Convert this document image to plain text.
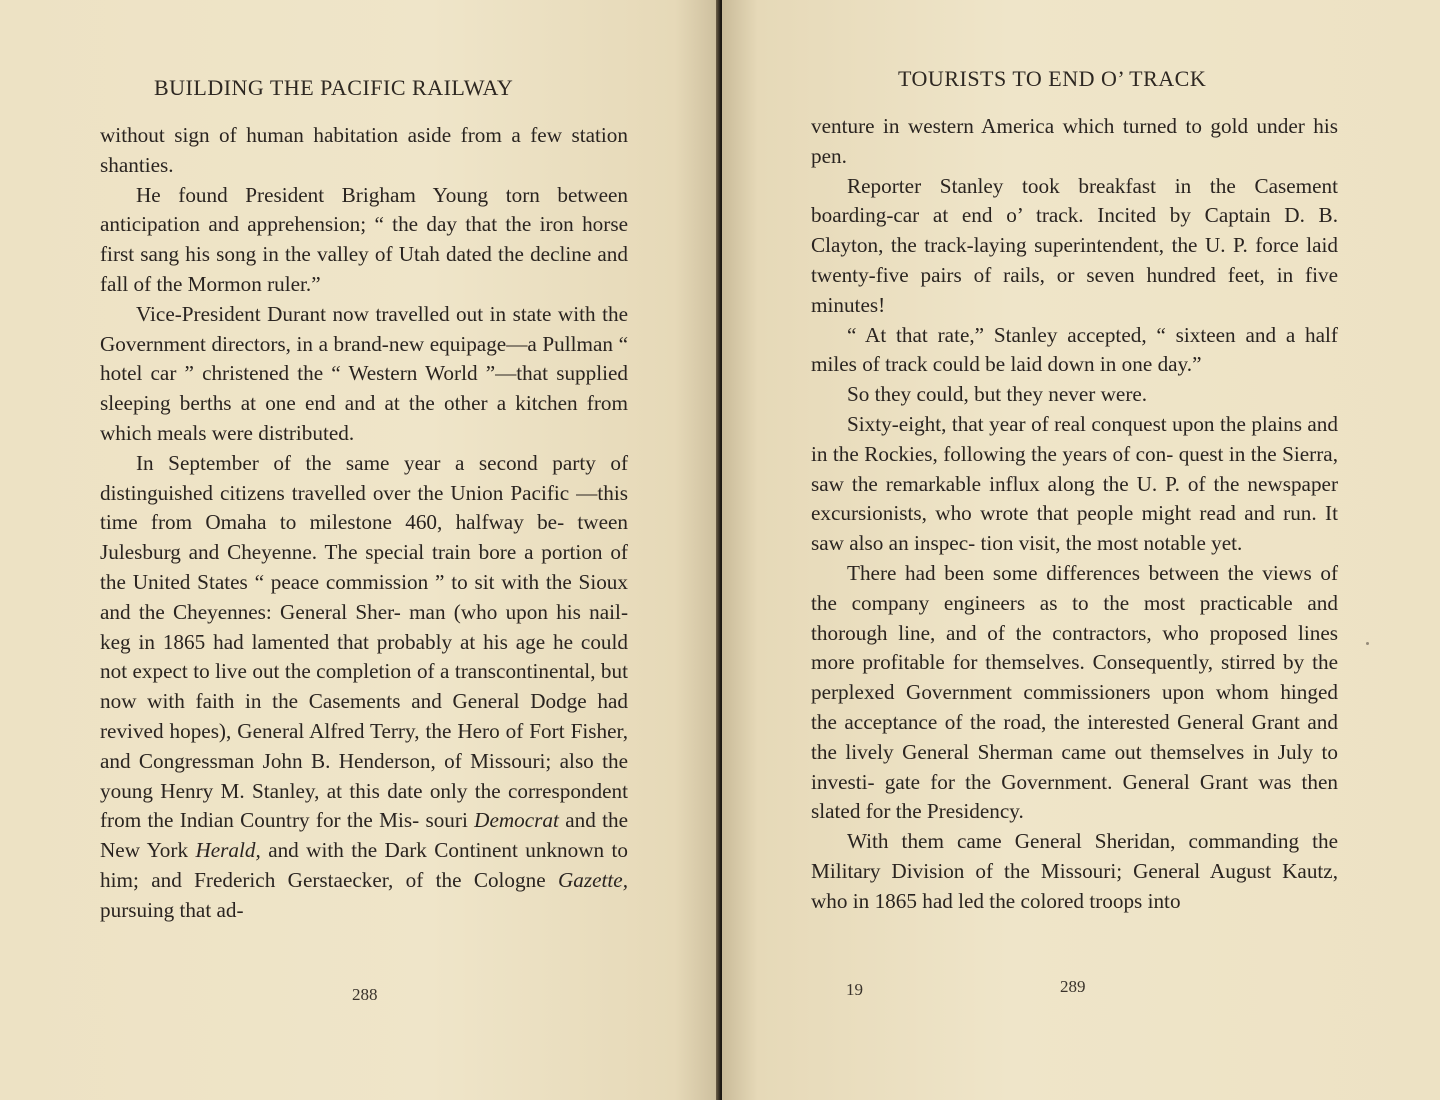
BUILDING THE PACIFIC RAILWAY

without sign of human habitation aside from a few station shanties.

He found President Brigham Young torn between anticipation and apprehension; “ the day that the iron horse first sang his song in the valley of Utah dated the decline and fall of the Mormon ruler.”

Vice-President Durant now travelled out in state with the Government directors, in a brand-new equipage—a Pullman “ hotel car ” christened the “ Western World ”—that supplied sleeping berths at one end and at the other a kitchen from which meals were distributed.

In September of the same year a second party of distinguished citizens travelled over the Union Pacific —this time from Omaha to milestone 460, halfway be- tween Julesburg and Cheyenne. The special train bore a portion of the United States “ peace commission ” to sit with the Sioux and the Cheyennes: General Sher- man (who upon his nail-keg in 1865 had lamented that probably at his age he could not expect to live out the completion of a transcontinental, but now with faith in the Casements and General Dodge had revived hopes), General Alfred Terry, the Hero of Fort Fisher, and Congressman John B. Henderson, of Missouri; also the young Henry M. Stanley, at this date only the correspondent from the Indian Country for the Mis- souri Democrat and the New York Herald, and with the Dark Continent unknown to him; and Frederich Gerstaecker, of the Cologne Gazette, pursuing that ad-

288
TOURISTS TO END O’ TRACK

venture in western America which turned to gold under his pen.

Reporter Stanley took breakfast in the Casement boarding-car at end o’ track. Incited by Captain D. B. Clayton, the track-laying superintendent, the U. P. force laid twenty-five pairs of rails, or seven hundred feet, in five minutes!

“ At that rate,” Stanley accepted, “ sixteen and a half miles of track could be laid down in one day.”

So they could, but they never were.

Sixty-eight, that year of real conquest upon the plains and in the Rockies, following the years of con- quest in the Sierra, saw the remarkable influx along the U. P. of the newspaper excursionists, who wrote that people might read and run. It saw also an inspec- tion visit, the most notable yet.

There had been some differences between the views of the company engineers as to the most practicable and thorough line, and of the contractors, who proposed lines more profitable for themselves. Consequently, stirred by the perplexed Government commissioners upon whom hinged the acceptance of the road, the interested General Grant and the lively General Sherman came out themselves in July to investi- gate for the Government. General Grant was then slated for the Presidency.

With them came General Sheridan, commanding the Military Division of the Missouri; General August Kautz, who in 1865 had led the colored troops into

19	289
